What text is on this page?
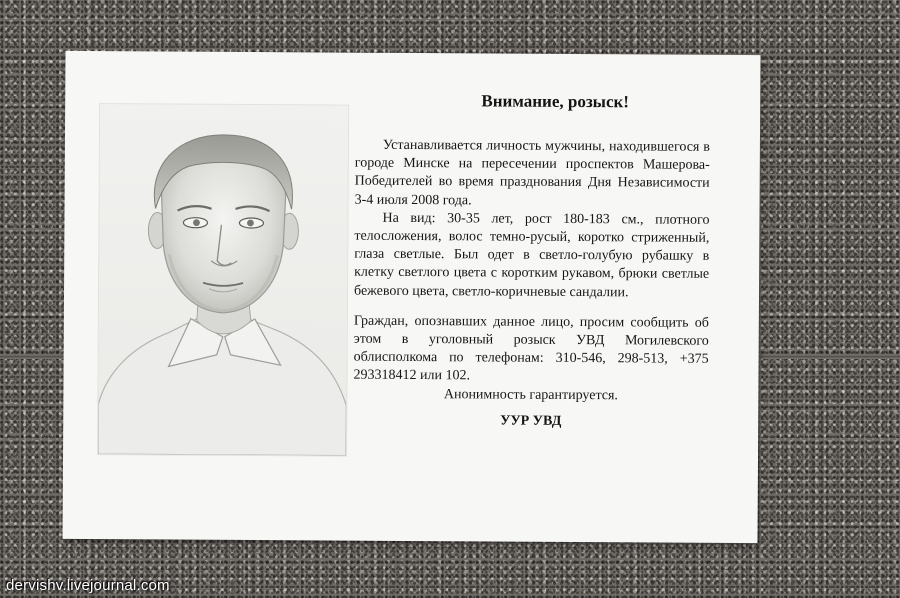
Внимание, розыск!

Устанавливается личность мужчины, находившегося в городе Минске на пересечении проспектов Машерова-Победителей во время празднования Дня Независимости 3-4 июля 2008 года.

На вид: 30-35 лет, рост 180-183 см., плотного телосложения, волос темно-русый, коротко стриженный, глаза светлые. Был одет в светло-голубую рубашку в клетку светлого цвета с коротким рукавом, брюки светлые бежевого цвета, светло-коричневые сандалии.

Граждан, опознавших данное лицо, просим сообщить об этом в уголовный розыск УВД Могилевского облисполкома по телефонам: 310-546, 298-513, +375 293318412 или 102.

Анонимность гарантируется.

УУР УВД

dervishv.livejournal.com
